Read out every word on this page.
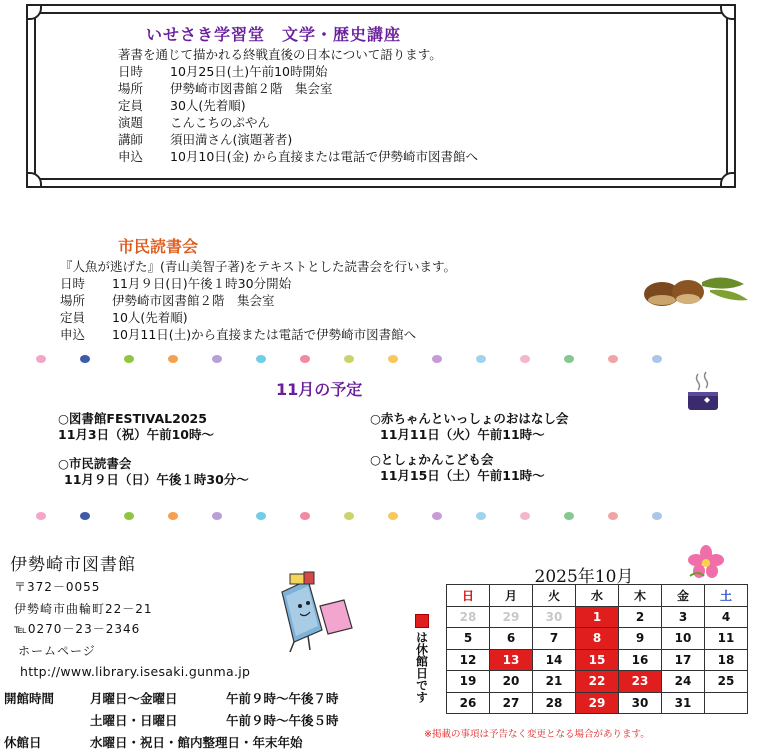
いせさき学習堂　文学・歴史講座
著書を通じて描かれる終戦直後の日本について語ります。
日時	10月25日(土)午前10時開始
場所	伊勢崎市図書館２階　集会室
定員	30人(先着順)
演題	こんこちのぷやん
講師	須田満さん(演題著者)
申込	10月10日(金) から直接または電話で伊勢崎市図書館へ
市民読書会
『人魚が逃げた』(青山美智子著)をテキストとした読書会を行います。
日時	11月９日(日)午後１時30分開始
場所	伊勢崎市図書館２階　集会室
定員	10人(先着順)
申込	10月11日(土)から直接または電話で伊勢崎市図書館へ
11月の予定
○図書館FESTIVAL2025
11月3日（祝）午前10時～
○市民読書会
11月９日（日）午後１時30分～
○赤ちゃんといっしょのおはなし会
11月11日（火）午前11時～
○としょかんこども会
11月15日（土）午前11時～
伊勢崎市図書館
〒372－0055
伊勢崎市曲輪町22－21
℡0270－23－2346
ホームページ
http://www.library.isesaki.gunma.jp
開館時間	月曜日～金曜日	午前９時～午後７時
土曜日・日曜日	午前９時～午後５時
休館日	水曜日・祝日・館内整理日・年末年始
2025年10月
日	月	火	水	木	金	土
28	29	30	1	2	3	4
5	6	7	8	9	10	11
12	13	14	15	16	17	18
19	20	21	22	23	24	25
26	27	28	29	30	31	
は休館日です
※掲載の事項は予告なく変更となる場合があります。
